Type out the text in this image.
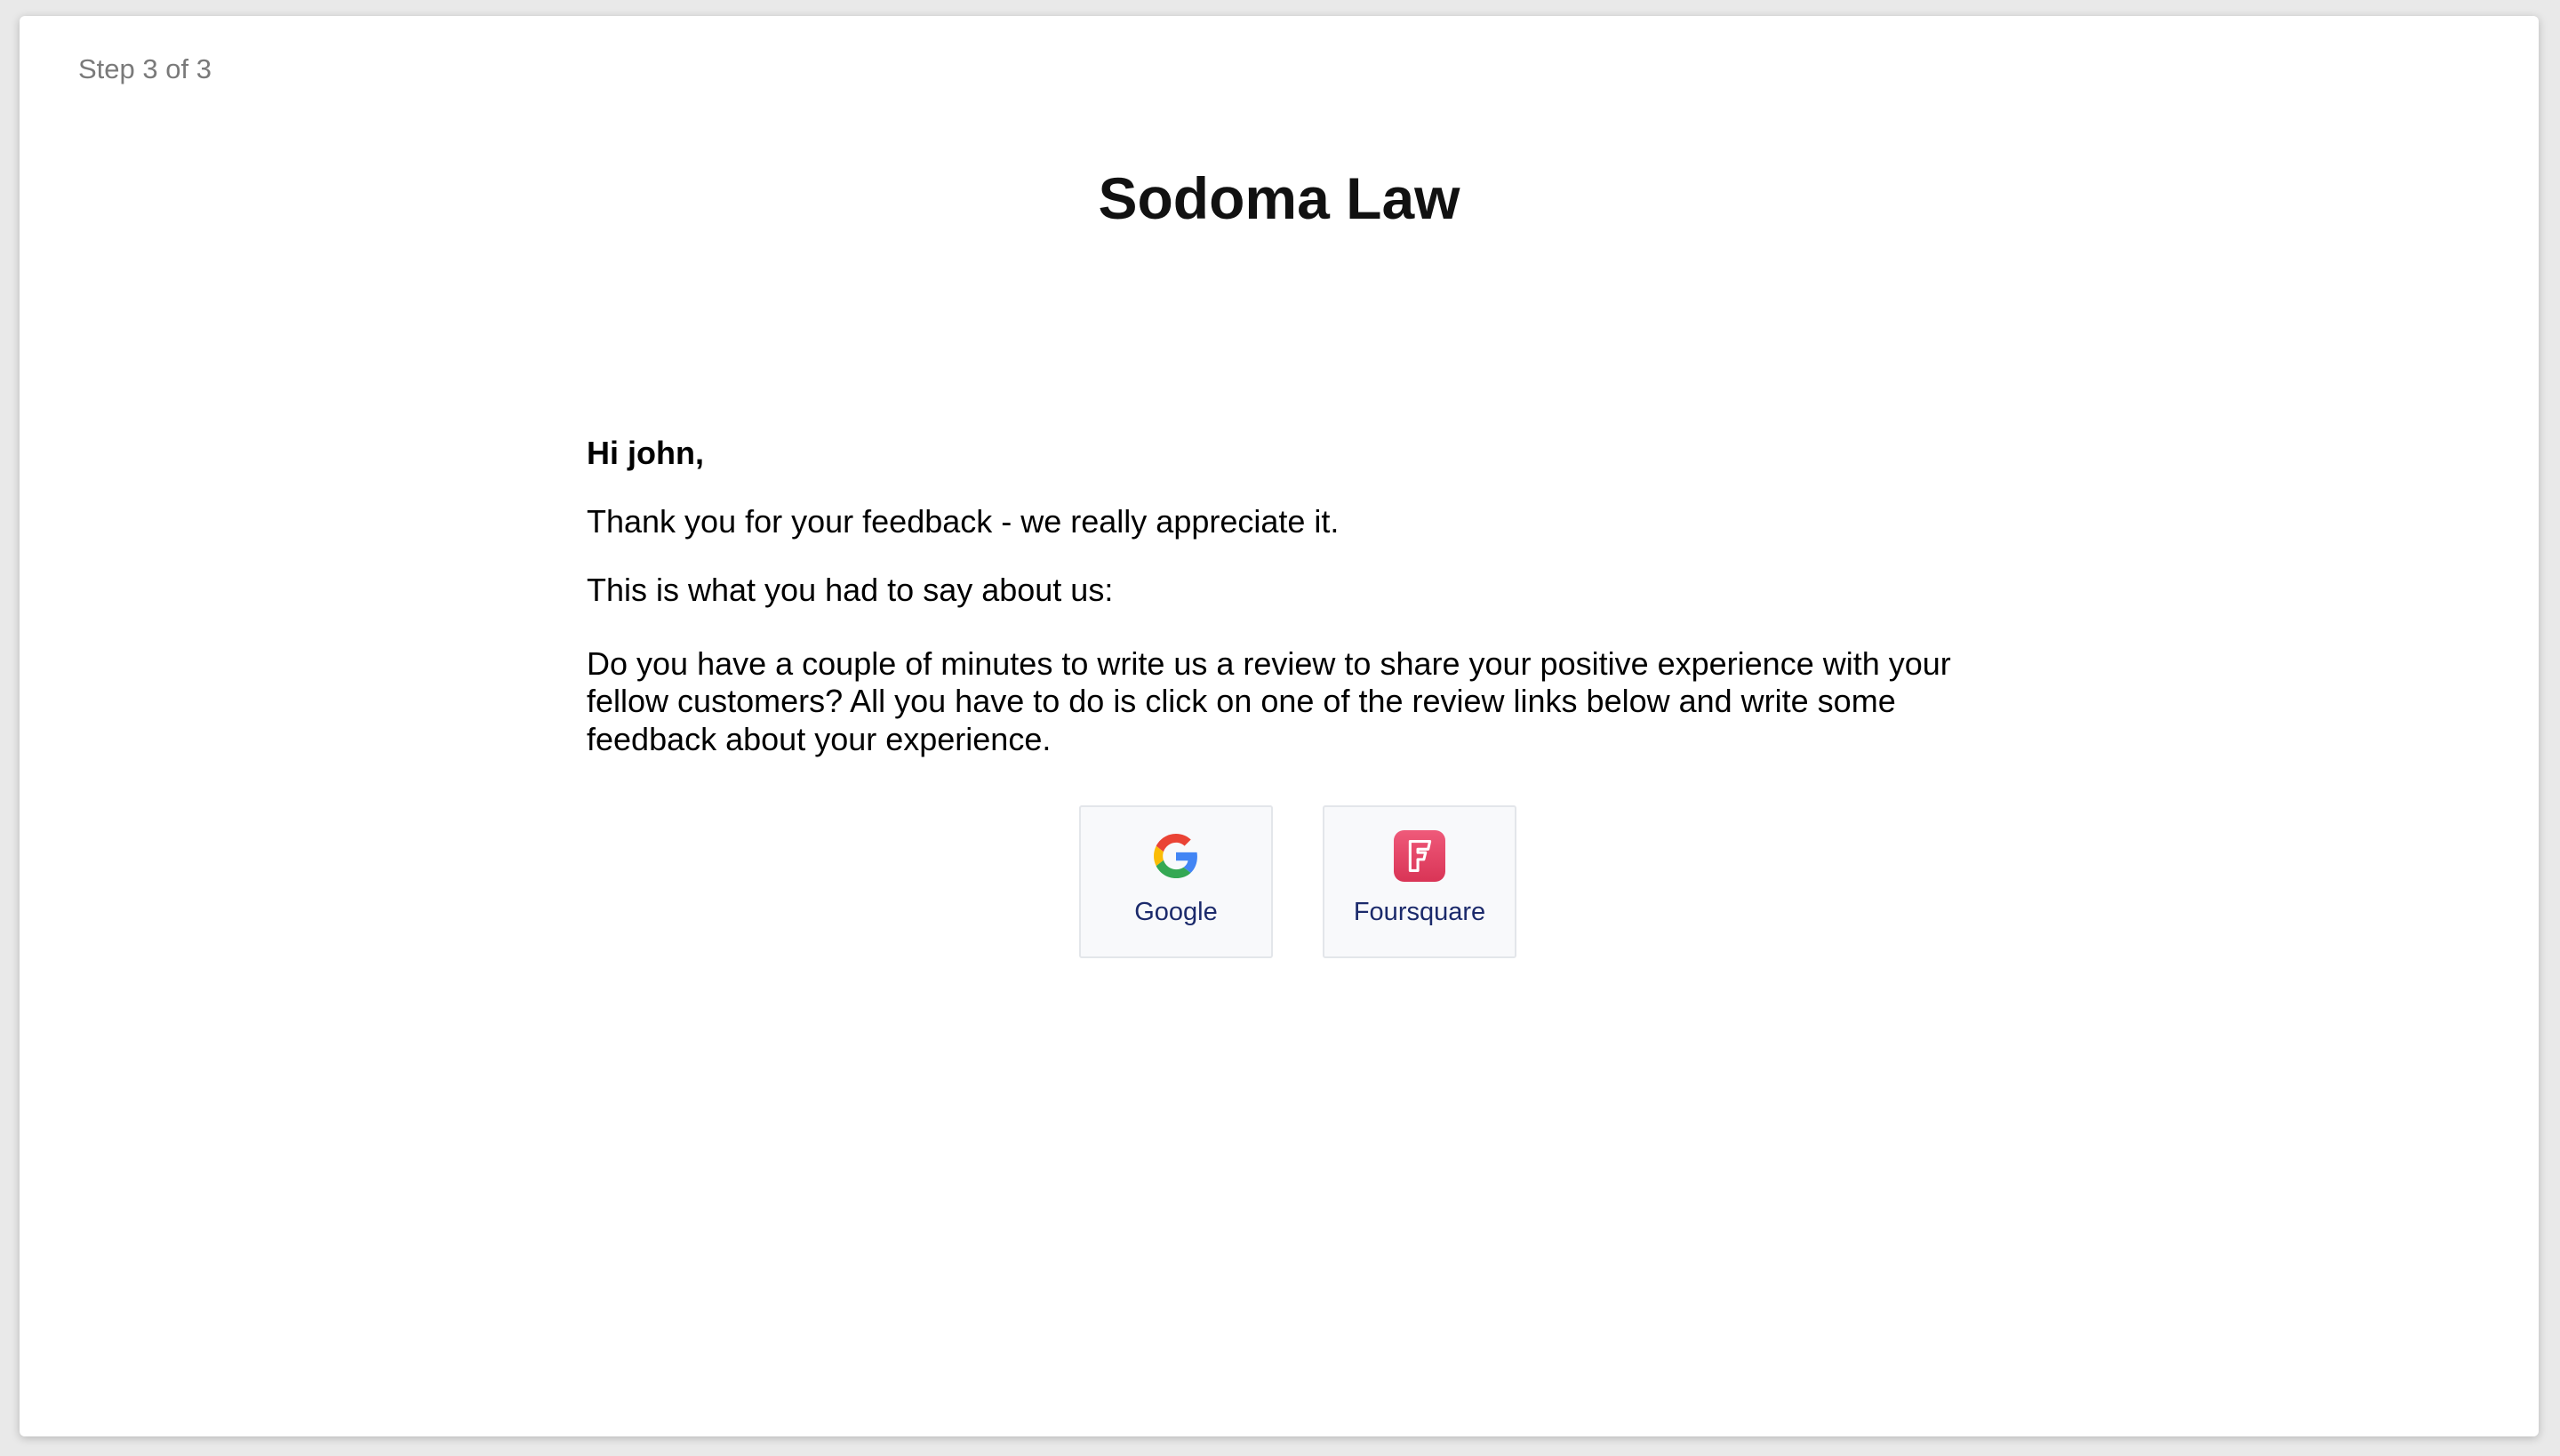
Step 3 of 3
Sodoma Law

Hi john,

Thank you for your feedback - we really appreciate it.

This is what you had to say about us:

Do you have a couple of minutes to write us a review to share your positive experience with your fellow customers? All you have to do is click on one of the review links below and write some feedback about your experience.

Google	Foursquare
